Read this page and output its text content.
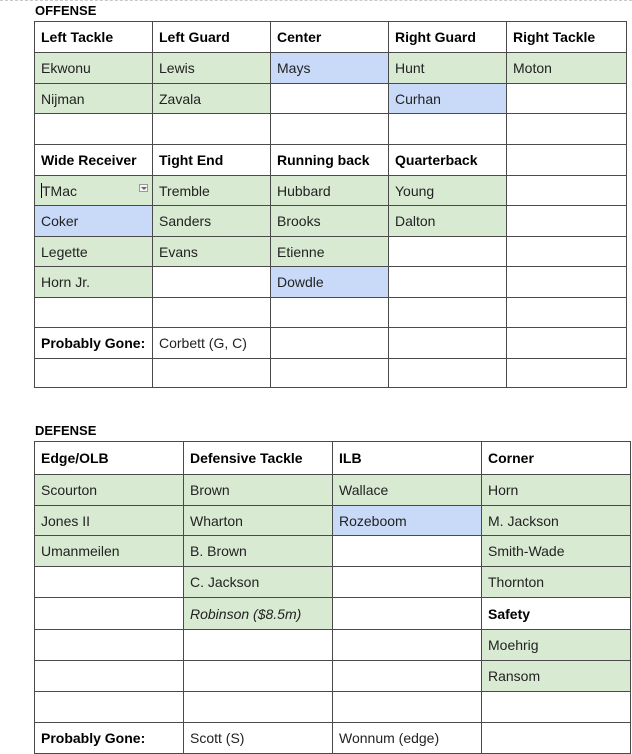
OFFENSE
Left Tackle	Left Guard	Center	Right Guard	Right Tackle
Ekwonu	Lewis	Mays	Hunt	Moton
Nijman	Zavala		Curhan	

Wide Receiver	Tight End	Running back	Quarterback	
TMac	Tremble	Hubbard	Young	
Coker	Sanders	Brooks	Dalton	
Legette	Evans	Etienne		
Horn Jr.		Dowdle		

Probably Gone:	Corbett (G, C)			

DEFENSE
Edge/OLB	Defensive Tackle	ILB	Corner
Scourton	Brown	Wallace	Horn
Jones II	Wharton	Rozeboom	M. Jackson
Umanmeilen	B. Brown		Smith-Wade
	C. Jackson		Thornton
	Robinson ($8.5m)		Safety
			Moehrig
			Ransom

Probably Gone:	Scott (S)	Wonnum (edge)	
